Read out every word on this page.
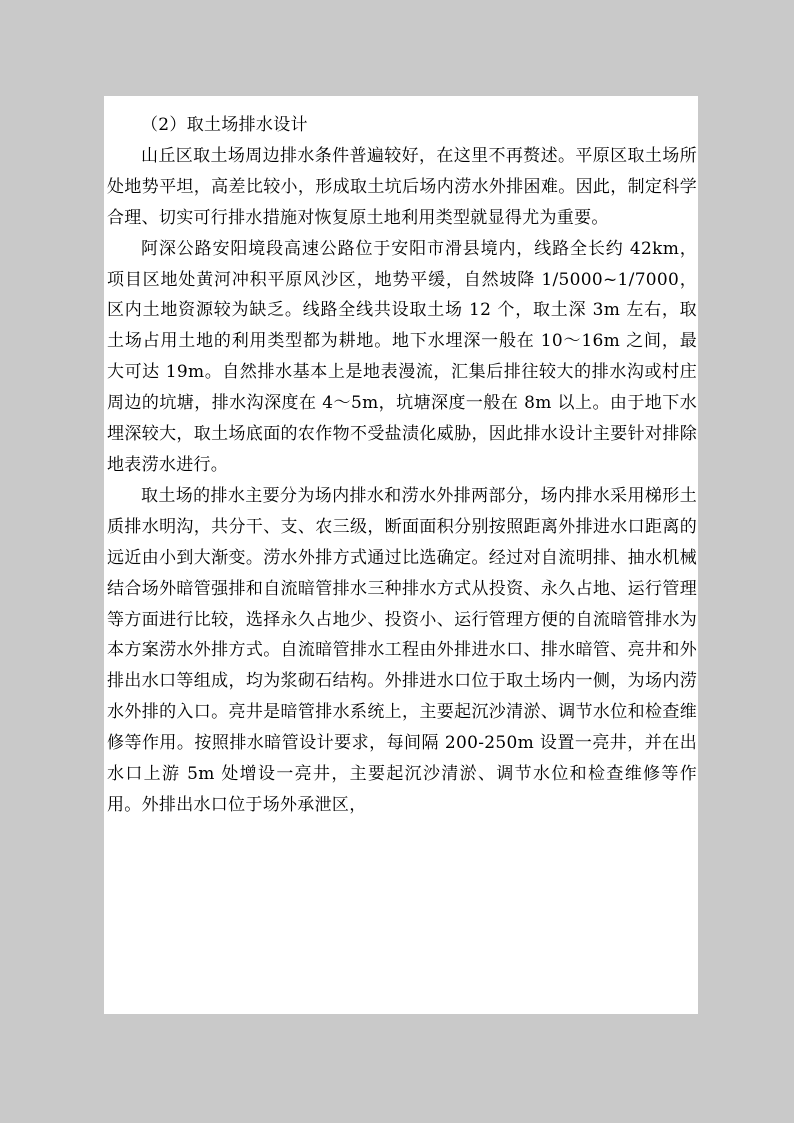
（2）取土场排水设计

山丘区取土场周边排水条件普遍较好，在这里不再赘述。平原区取土场所处地势平坦，高差比较小，形成取土坑后场内涝水外排困难。因此，制定科学合理、切实可行排水措施对恢复原土地利用类型就显得尤为重要。

阿深公路安阳境段高速公路位于安阳市滑县境内，线路全长约 42km，项目区地处黄河冲积平原风沙区，地势平缓，自然坡降 1/5000~1/7000，区内土地资源较为缺乏。线路全线共设取土场 12 个，取土深 3m 左右，取土场占用土地的利用类型都为耕地。地下水埋深一般在 10～16m 之间，最大可达 19m。自然排水基本上是地表漫流，汇集后排往较大的排水沟或村庄周边的坑塘，排水沟深度在 4～5m，坑塘深度一般在 8m 以上。由于地下水埋深较大，取土场底面的农作物不受盐渍化威胁，因此排水设计主要针对排除地表涝水进行。

取土场的排水主要分为场内排水和涝水外排两部分，场内排水采用梯形土质排水明沟，共分干、支、农三级，断面面积分别按照距离外排进水口距离的远近由小到大渐变。涝水外排方式通过比选确定。经过对自流明排、抽水机械结合场外暗管强排和自流暗管排水三种排水方式从投资、永久占地、运行管理等方面进行比较，选择永久占地少、投资小、运行管理方便的自流暗管排水为本方案涝水外排方式。自流暗管排水工程由外排进水口、排水暗管、亮井和外排出水口等组成，均为浆砌石结构。外排进水口位于取土场内一侧，为场内涝水外排的入口。亮井是暗管排水系统上，主要起沉沙清淤、调节水位和检查维修等作用。按照排水暗管设计要求，每间隔 200-250m 设置一亮井，并在出水口上游 5m 处增设一亮井，主要起沉沙清淤、调节水位和检查维修等作用。外排出水口位于场外承泄区，
